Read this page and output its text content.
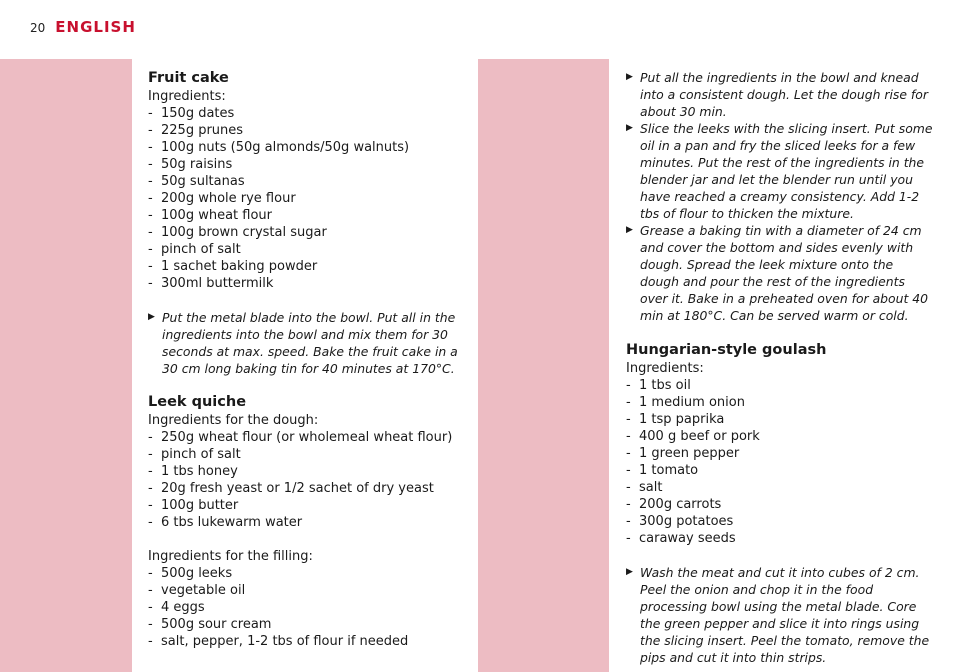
20 ENGLISH
Fruit cake
Ingredients:
- 150g dates
- 225g prunes
- 100g nuts (50g almonds/50g walnuts)
- 50g raisins
- 50g sultanas
- 200g whole rye flour
- 100g wheat flour
- 100g brown crystal sugar
- pinch of salt
- 1 sachet baking powder
- 300ml buttermilk
▶ Put the metal blade into the bowl. Put all in the ingredients into the bowl and mix them for 30 seconds at max. speed. Bake the fruit cake in a 30 cm long baking tin for 40 minutes at 170°C.
Leek quiche
Ingredients for the dough:
- 250g wheat flour (or wholemeal wheat flour)
- pinch of salt
- 1 tbs honey
- 20g fresh yeast or 1/2 sachet of dry yeast
- 100g butter
- 6 tbs lukewarm water
Ingredients for the filling:
- 500g leeks
- vegetable oil
- 4 eggs
- 500g sour cream
- salt, pepper, 1-2 tbs of flour if needed
▶ Put all the ingredients in the bowl and knead into a consistent dough. Let the dough rise for about 30 min.
▶ Slice the leeks with the slicing insert. Put some oil in a pan and fry the sliced leeks for a few minutes. Put the rest of the ingredients in the blender jar and let the blender run until you have reached a creamy consistency. Add 1-2 tbs of flour to thicken the mixture.
▶ Grease a baking tin with a diameter of 24 cm and cover the bottom and sides evenly with dough. Spread the leek mixture onto the dough and pour the rest of the ingredients over it. Bake in a preheated oven for about 40 min at 180°C. Can be served warm or cold.
Hungarian-style goulash
Ingredients:
- 1 tbs oil
- 1 medium onion
- 1 tsp paprika
- 400 g beef or pork
- 1 green pepper
- 1 tomato
- salt
- 200g carrots
- 300g potatoes
- caraway seeds
▶ Wash the meat and cut it into cubes of 2 cm. Peel the onion and chop it in the food processing bowl using the metal blade. Core the green pepper and slice it into rings using the slicing insert. Peel the tomato, remove the pips and cut it into thin strips.
